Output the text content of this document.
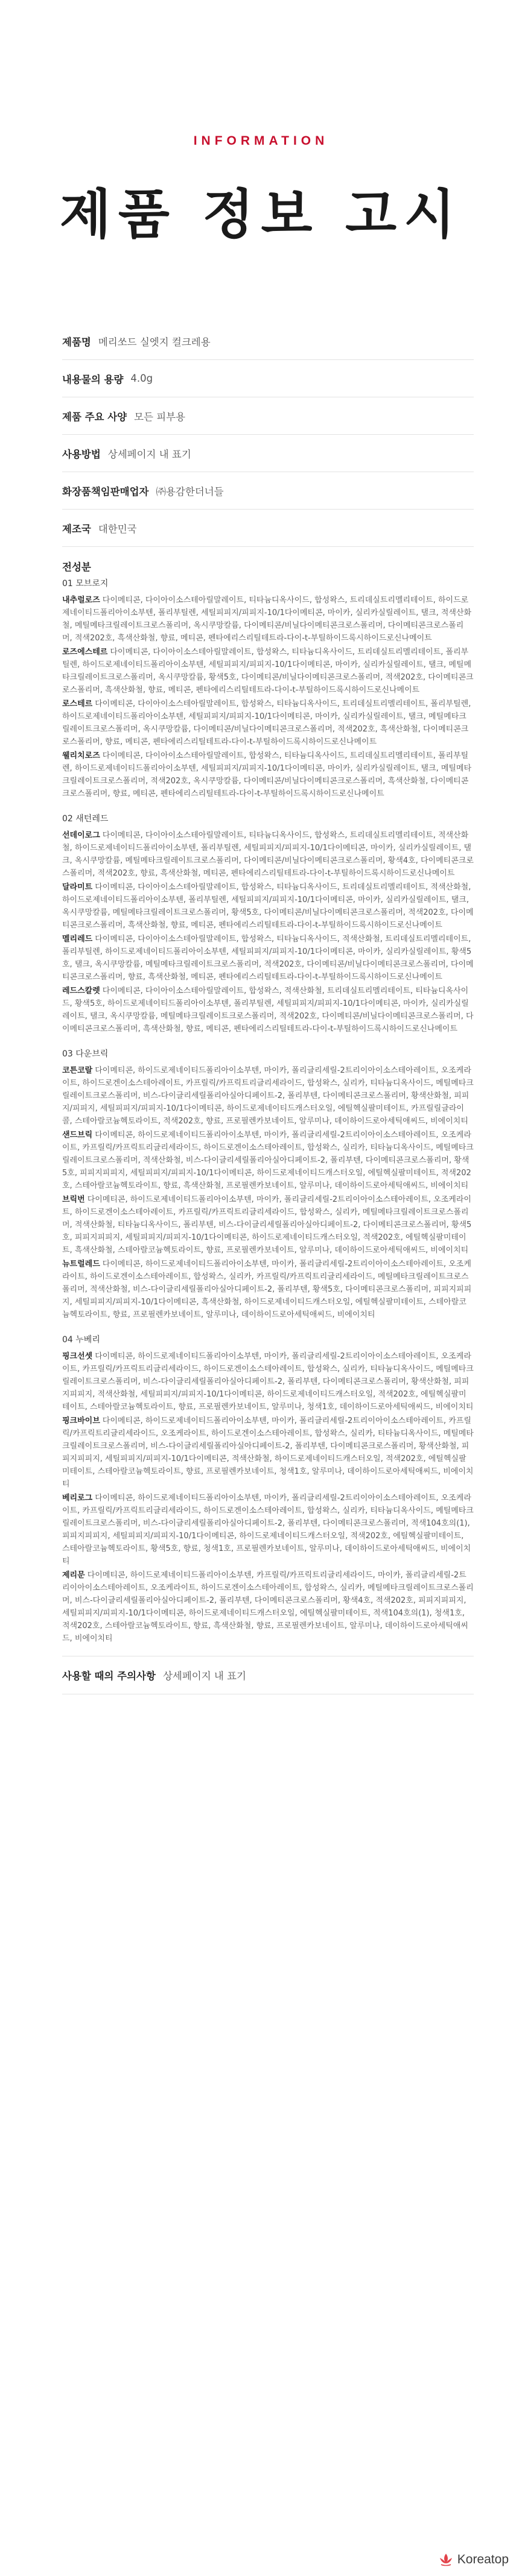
INFORMATION
제품 정보 고시
제품명 메리쏘드 실엣지 컬크레용
내용물의 용량 4.0g
제품 주요 사양 모든 피부용
사용방법 상세페이지 내 표기
화장품책임판매업자 ㈜용감한더너들
제조국 대한민국
전성분
01 모브로지
내추럴로즈 다이메티콘, 다이아이소스테아릴말레이트, 티타늄디옥사이드, 합성왁스, 트리데실트리멜리테이트, 하이드로제네이티드폴리아이소부텐, 폴리부틸렌, 세틸피피지/피피지-10/1다이메티콘, 마이카, 실리카실릴레이트, 탤크, 적색산화철, 메틸메타크릴레이트크로스폴리머, 옥시쿠망칼륨, 다이메티콘/비닐다이메티콘크로스폴리머, 다이메티콘크로스폴리머, 적색202호, 흑색산화철, 향료, 메티콘, 펜타에리스리틸테트라-다이-t-부틸하이드록시하이드로신나메이트
로즈에스테르 다이메티콘, 다이아이소스테아릴말레이트, 합성왁스, 티타늄디옥사이드, 트리데실트리멜리테이트, 폴리부틸렌, 하이드로제네이티드폴리아이소부텐, 세틸피피지/피피지-10/1다이메티콘, 마이카, 실리카실릴레이트, 탤크, 메틸메타크릴레이트크로스폴리머, 옥시쿠망칼륨, 황색5호, 다이메티콘/비닐다이메티콘크로스폴리머, 적색202호, 다이메티콘크로스폴리머, 흑색산화철, 향료, 메티콘, 펜타에리스리틸테트라-다이-t-부틸하이드록시하이드로신나메이트
로스테르 다이메티콘, 다이아이소스테아릴말레이트, 합성왁스, 티타늄디옥사이드, 트리데실트리멜리테이트, 폴리부틸렌, 하이드로제네이티드폴리아이소부텐, 세틸피피지/피피지-10/1다이메티콘, 마이카, 실리카실릴레이트, 탤크, 메틸메타크릴레이트크로스폴리머, 옥시쿠망칼륨, 다이메티콘/비닐다이메티콘크로스폴리머, 적색202호, 흑색산화철, 다이메티콘크로스폴리머, 향료, 메티콘, 펜타에리스리틸테트라-다이-t-부틸하이드록시하이드로신나메이트
웰리치로즈 다이메티콘, 다이아이소스테아릴말레이트, 합성왁스, 티타늄디옥사이드, 트리데실트리멜리테이트, 폴리부틸렌, 하이드로제네이티드폴리아이소부텐, 세틸피피지/피피지-10/1다이메티콘, 마이카, 실리카실릴레이트, 탤크, 메틸메타크릴레이트크로스폴리머, 적색202호, 옥시쿠망칼륨, 다이메티콘/비닐다이메티콘크로스폴리머, 흑색산화철, 다이메티콘크로스폴리머, 향료, 메티콘, 펜타에리스리틸테트라-다이-t-부틸하이드록시하이드로신나메이트
02 새턴레드
선데이로그 다이메티콘, 다이아이소스테아릴말레이트, 티타늄디옥사이드, 합성왁스, 트리데실트리멜리테이트, 적색산화철, 하이드로제네이티드폴리아이소부텐, 폴리부틸렌, 세틸피피지/피피지-10/1다이메티콘, 마이카, 실리카실릴레이트, 탤크, 옥시쿠망칼륨, 메틸메타크릴레이트크로스폴리머, 다이메티콘/비닐다이메티콘크로스폴리머, 황색4호, 다이메티콘크로스폴리머, 적색202호, 향료, 흑색산화철, 메티콘, 펜타에리스리틸테트라-다이-t-부틸하이드록시하이드로신나메이트
달라미트 다이메티콘, 다이아이소스테아릴말레이트, 합성왁스, 티타늄디옥사이드, 트리데실트리멜리테이트, 적색산화철, 하이드로제네이티드폴리아이소부텐, 폴리부틸렌, 세틸피피지/피피지-10/1다이메티콘, 마이카, 실리카실릴레이트, 탤크, 옥시쿠망칼륨, 메틸메타크릴레이트크로스폴리머, 황색5호, 다이메티콘/비닐다이메티콘크로스폴리머, 적색202호, 다이메티콘크로스폴리머, 흑색산화철, 향료, 메티콘, 펜타에리스리틸테트라-다이-t-부틸하이드록시하이드로신나메이트
멜리레드 다이메티콘, 다이아이소스테아릴말레이트, 합성왁스, 티타늄디옥사이드, 적색산화철, 트리데실트리멜리테이트, 폴리부틸렌, 하이드로제네이티드폴리아이소부텐, 세틸피피지/피피지-10/1다이메티콘, 마이카, 실리카실릴레이트, 황색5호, 탤크, 옥시쿠망칼륨, 메틸메타크릴레이트크로스폴리머, 적색202호, 다이메티콘/비닐다이메티콘크로스폴리머, 다이메티콘크로스폴리머, 향료, 흑색산화철, 메티콘, 펜타에리스리틸테트라-다이-t-부틸하이드록시하이드로신나메이트
레드스칼렛 다이메티콘, 다이아이소스테아릴말레이트, 합성왁스, 적색산화철, 트리데실트리멜리테이트, 티타늄디옥사이드, 황색5호, 하이드로제네이티드폴리아이소부텐, 폴리부틸렌, 세틸피피지/피피지-10/1다이메티콘, 마이카, 실리카실릴레이트, 탤크, 옥시쿠망칼륨, 메틸메타크릴레이트크로스폴리머, 적색202호, 다이메티콘/비닐다이메티콘크로스폴리머, 다이메티콘크로스폴리머, 흑색산화철, 향료, 메티콘, 펜타에리스리틸테트라-다이-t-부틸하이드록시하이드로신나메이트
03 다운브릭
코튼코랄 다이메티콘, 하이드로제네이티드폴리아이소부텐, 마이카, 폴리글리세릴-2트리이아이소스테아레이트, 오조케라이트, 하이드로겐이소스테아레이트, 카프릴릭/카프릭트리글리세라이드, 합성왁스, 실리카, 티타늄디옥사이드, 메틸메타크릴레이트크로스폴리머, 비스-다이글리세릴폴리아실아디페이트-2, 폴리부텐, 다이메티콘크로스폴리머, 황색산화철, 피피지/피피지, 세틸피피지/피피지-10/1다이메티콘, 하이드로제네이티드캐스터오일, 에틸헥실팔미테이트, 카프릴릴글라이콜, 스테아랄코늄헥토라이트, 적색202호, 향료, 프로필렌카보네이트, 알루미나, 데이하이드로아세틱애씨드, 비에이치티
샌드브릭 다이메티콘, 하이드로제네이티드폴리아이소부텐, 마이카, 폴리글리세릴-2트리이아이소스테아레이트, 오조케라이트, 카프릴릭/카프릭트리글리세라이드, 하이드로겐이소스테아레이트, 합성왁스, 실리카, 티타늄디옥사이드, 메틸메타크릴레이트크로스폴리머, 적색산화철, 비스-다이글리세릴폴리아실아디페이트-2, 폴리부텐, 다이메티콘크로스폴리머, 황색5호, 피피지피피지, 세틸피피지/피피지-10/1다이메티콘, 하이드로제네이티드캐스터오일, 에틸헥실팔미테이트, 적색202호, 스테아랄코늄헥토라이트, 향료, 흑색산화철, 프로필렌카보네이트, 알루미나, 데이하이드로아세틱애씨드, 비에이치티
브릭번 다이메티콘, 하이드로제네이티드폴리아이소부텐, 마이카, 폴리글리세릴-2트리이아이소스테아레이트, 오조케라이트, 하이드로겐이소스테아레이트, 카프릴릭/카프릭트리글리세라이드, 합성왁스, 실리카, 메틸메타크릴레이트크로스폴리머, 적색산화철, 티타늄디옥사이드, 폴리부텐, 비스-다이글리세릴폴리아실아디페이트-2, 다이메티콘크로스폴리머, 황색5호, 피피지피피지, 세틸피피지/피피지-10/1다이메티콘, 하이드로제네이티드캐스터오일, 적색202호, 에틸헥실팔미테이트, 흑색산화철, 스테아랄코늄헥토라이트, 향료, 프로필렌카보네이트, 알루미나, 데이하이드로아세틱애씨드, 비에이치티
뉴트럴레드 다이메티콘, 하이드로제네이티드폴리아이소부텐, 마이카, 폴리글리세릴-2트리이아이소스테아레이트, 오조케라이트, 하이드로겐이소스테아레이트, 합성왁스, 실리카, 카프릴릭/카프릭트리글리세라이드, 메틸메타크릴레이트크로스폴리머, 적색산화철, 비스-다이글리세릴폴리아실아디페이트-2, 폴리부텐, 황색5호, 다이메티콘크로스폴리머, 피피지피피지, 세틸피피지/피피지-10/1다이메티콘, 흑색산화철, 하이드로제네이티드캐스터오일, 에틸헥실팔미테이트, 스테아랄코늄헥토라이트, 향료, 프로필렌카보네이트, 알루미나, 데이하이드로아세틱애씨드, 비에이치티
04 누베리
핑크선셋 다이메티콘, 하이드로제네이티드폴리아이소부텐, 마이카, 폴리글리세릴-2트리이아이소스테아레이트, 오조케라이트, 카프릴릭/카프릭트리글리세라이드, 하이드로겐이소스테아레이트, 합성왁스, 실리카, 티타늄디옥사이드, 메틸메타크릴레이트크로스폴리머, 비스-다이글리세릴폴리아실아디페이트-2, 폴리부텐, 다이메티콘크로스폴리머, 황색산화철, 피피지피피지, 적색산화철, 세틸피피지/피피지-10/1다이메티콘, 하이드로제네이티드캐스터오일, 적색202호, 에틸헥실팔미테이트, 스테아랄코늄헥토라이트, 향료, 프로필렌카보네이트, 알루미나, 청색1호, 데이하이드로아세틱애씨드, 비에이치티
핑크바이브 다이메티콘, 하이드로제네이티드폴리아이소부텐, 마이카, 폴리글리세릴-2트리이아이소스테아레이트, 카프릴릭/카프릭트리글리세라이드, 오조케라이트, 하이드로겐이소스테아레이트, 합성왁스, 실리카, 티타늄디옥사이드, 메틸메타크릴레이트크로스폴리머, 비스-다이글리세릴폴리아실아디페이트-2, 폴리부텐, 다이메티콘크로스폴리머, 황색산화철, 피피지피피지, 세틸피피지/피피지-10/1다이메티콘, 적색산화철, 하이드로제네이티드캐스터오일, 적색202호, 에틸헥실팔미테이트, 스테아랄코늄헥토라이트, 향료, 프로필렌카보네이트, 청색1호, 알루미나, 데이하이드로아세틱애씨드, 비에이치티
베리로그 다이메티콘, 하이드로제네이티드폴리아이소부텐, 마이카, 폴리글리세릴-2트리이아이소스테아레이트, 오조케라이트, 카프릴릭/카프릭트리글리세라이드, 하이드로겐이소스테아레이트, 합성왁스, 실리카, 티타늄디옥사이드, 메틸메타크릴레이트크로스폴리머, 비스-다이글리세릴폴리아실아디페이트-2, 폴리부텐, 다이메티콘크로스폴리머, 적색104호의(1), 피피지피피지, 세틸피피지/피피지-10/1다이메티콘, 하이드로제네이티드캐스터오일, 적색202호, 에틸헥실팔미테이트, 스테아랄코늄헥토라이트, 황색5호, 향료, 청색1호, 프로필렌카보네이트, 알루미나, 데이하이드로아세틱애씨드, 비에이치티
제리문 다이메티콘, 하이드로제네이티드폴리아이소부텐, 카프릴릭/카프릭트리글리세라이드, 마이카, 폴리글리세릴-2트리이아이소스테아레이트, 오조케라이트, 하이드로겐이소스테아레이트, 합성왁스, 실리카, 메틸메타크릴레이트크로스폴리머, 비스-다이글리세릴폴리아실아디페이트-2, 폴리부텐, 다이메티콘크로스폴리머, 황색4호, 적색202호, 피피지피피지, 세틸피피지/피피지-10/1다이메티콘, 하이드로제네이티드캐스터오일, 에틸헥실팔미테이트, 적색104호의(1), 청색1호, 적색202호, 스테아랄코늄헥토라이트, 향료, 흑색산화철, 향료, 프로필렌카보네이트, 알루미나, 데이하이드로아세틱애씨드, 비에이치티
사용할 때의 주의사항 상세페이지 내 표기
Koreatop
